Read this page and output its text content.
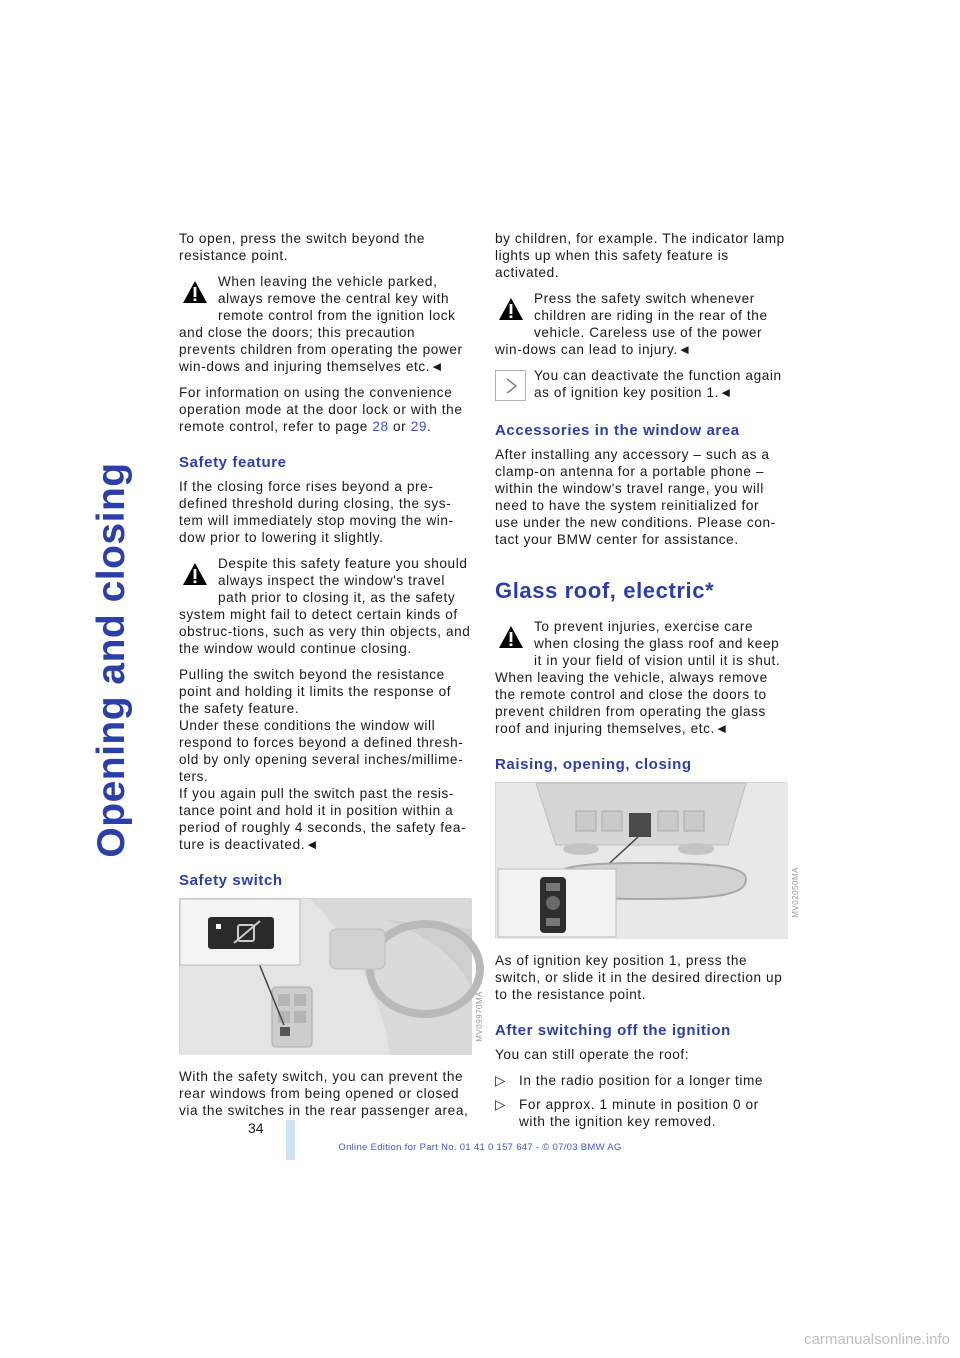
Opening and closing

To open, press the switch beyond the resistance point.

When leaving the vehicle parked, always remove the central key with remote control from the ignition lock and close the doors; this precaution prevents children from operating the power win-dows and injuring themselves etc.◄

For information on using the convenience operation mode at the door lock or with the remote control, refer to page 28 or 29.

Safety feature

If the closing force rises beyond a pre-defined threshold during closing, the sys-tem will immediately stop moving the win-dow prior to lowering it slightly.

Despite this safety feature you should always inspect the window's travel path prior to closing it, as the safety system might fail to detect certain kinds of obstruc-tions, such as very thin objects, and the window would continue closing.

Pulling the switch beyond the resistance point and holding it limits the response of the safety feature.

Under these conditions the window will respond to forces beyond a defined thresh-old by only opening several inches/millime-ters.

If you again pull the switch past the resis-tance point and hold it in position within a period of roughly 4 seconds, the safety fea-ture is deactivated.◄

Safety switch
MV09970MA

With the safety switch, you can prevent the rear windows from being opened or closed via the switches in the rear passenger area,

by children, for example. The indicator lamp lights up when this safety feature is activated.

Press the safety switch whenever children are riding in the rear of the vehicle. Careless use of the power win-dows can lead to injury.◄

You can deactivate the function again as of ignition key position 1.◄

Accessories in the window area

After installing any accessory – such as a clamp-on antenna for a portable phone – within the window's travel range, you will need to have the system reinitialized for use under the new conditions. Please con-tact your BMW center for assistance.

Glass roof, electric*

To prevent injuries, exercise care when closing the glass roof and keep it in your field of vision until it is shut. When leaving the vehicle, always remove the remote control and close the doors to prevent children from operating the glass roof and injuring themselves, etc.◄

Raising, opening, closing
MV02050MA

As of ignition key position 1, press the switch, or slide it in the desired direction up to the resistance point.

After switching off the ignition

You can still operate the roof:

▷ In the radio position for a longer time
▷ For approx. 1 minute in position 0 or with the ignition key removed.
34
Online Edition for Part No. 01 41 0 157 647 - © 07/03 BMW AG
carmanualsonline.info
